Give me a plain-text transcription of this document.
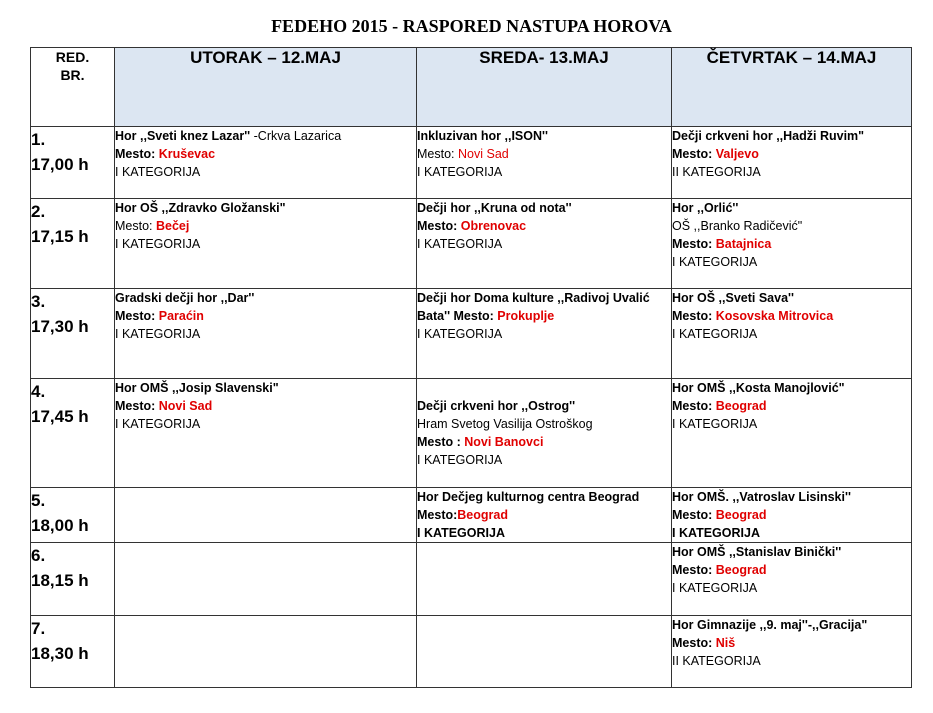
FEDEHO 2015 - RASPORED NASTUPA HOROVA
RED.
BR.	UTORAK – 12.MAJ	SREDA- 13.MAJ	ČETVRTAK – 14.MAJ

1.
17,00 h	Hor ,,Sveti knez Lazar'' -Crkva Lazarica
Mesto: Kruševac
I KATEGORIJA	Inkluzivan hor ,,ISON''
Mesto: Novi Sad
I KATEGORIJA	Dečji crkveni hor ,,Hadži Ruvim"
Mesto: Valjevo
II KATEGORIJA

2.
17,15 h	Hor OŠ ,,Zdravko Gložanski"
Mesto: Bečej
I KATEGORIJA	Dečji hor ,,Kruna od nota''
Mesto: Obrenovac
I KATEGORIJA	Hor ,,Orlić''
OŠ ,,Branko Radičević"
Mesto: Batajnica
I KATEGORIJA

3.
17,30 h	Gradski dečji hor ,,Dar''
Mesto: Paraćin
I KATEGORIJA	Dečji hor Doma kulture ,,Radivoj Uvalić
Bata'' Mesto: Prokuplje
I KATEGORIJA	Hor OŠ ,,Sveti Sava''
Mesto: Kosovska Mitrovica
I KATEGORIJA

4.
17,45 h	Hor OMŠ ,,Josip Slavenski"
Mesto: Novi Sad
I KATEGORIJA	Dečji crkveni hor ,,Ostrog''
Hram Svetog Vasilija Ostroškog
Mesto : Novi Banovci
I KATEGORIJA	Hor OMŠ ,,Kosta Manojlović"
Mesto: Beograd
I KATEGORIJA

5.
18,00 h		Hor Dečjeg kulturnog centra Beograd
Mesto:Beograd
I KATEGORIJA	Hor OMŠ. ,,Vatroslav Lisinski''
Mesto: Beograd
I KATEGORIJA

6.
18,15 h			Hor OMŠ ,,Stanislav Binički''
Mesto: Beograd
I KATEGORIJA

7.
18,30 h			Hor Gimnazije ,,9. maj''-,,Gracija"
Mesto: Niš
II KATEGORIJA
